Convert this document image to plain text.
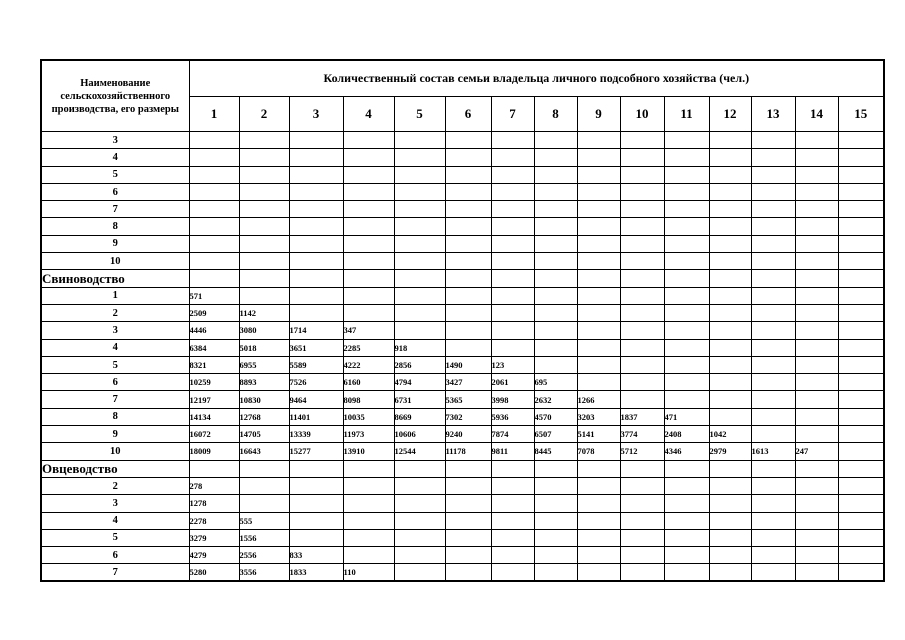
Наименование сельскохозяйственного производства, его размеры	Количественный состав семьи владельца личного подсобного хозяйства (чел.)														
	1	2	3	4	5	6	7	8	9	10	11	12	13	14	15
3															
4															
5															
6															
7															
8															
9															
10															
Свиноводство															
1	571														
2	2509	1142													
3	4446	3080	1714	347											
4	6384	5018	3651	2285	918										
5	8321	6955	5589	4222	2856	1490	123								
6	10259	8893	7526	6160	4794	3427	2061	695							
7	12197	10830	9464	8098	6731	5365	3998	2632	1266						
8	14134	12768	11401	10035	8669	7302	5936	4570	3203	1837	471				
9	16072	14705	13339	11973	10606	9240	7874	6507	5141	3774	2408	1042			
10	18009	16643	15277	13910	12544	11178	9811	8445	7078	5712	4346	2979	1613	247	
Овцеводство															
2	278														
3	1278														
4	2278	555													
5	3279	1556													
6	4279	2556	833												
7	5280	3556	1833	110											
